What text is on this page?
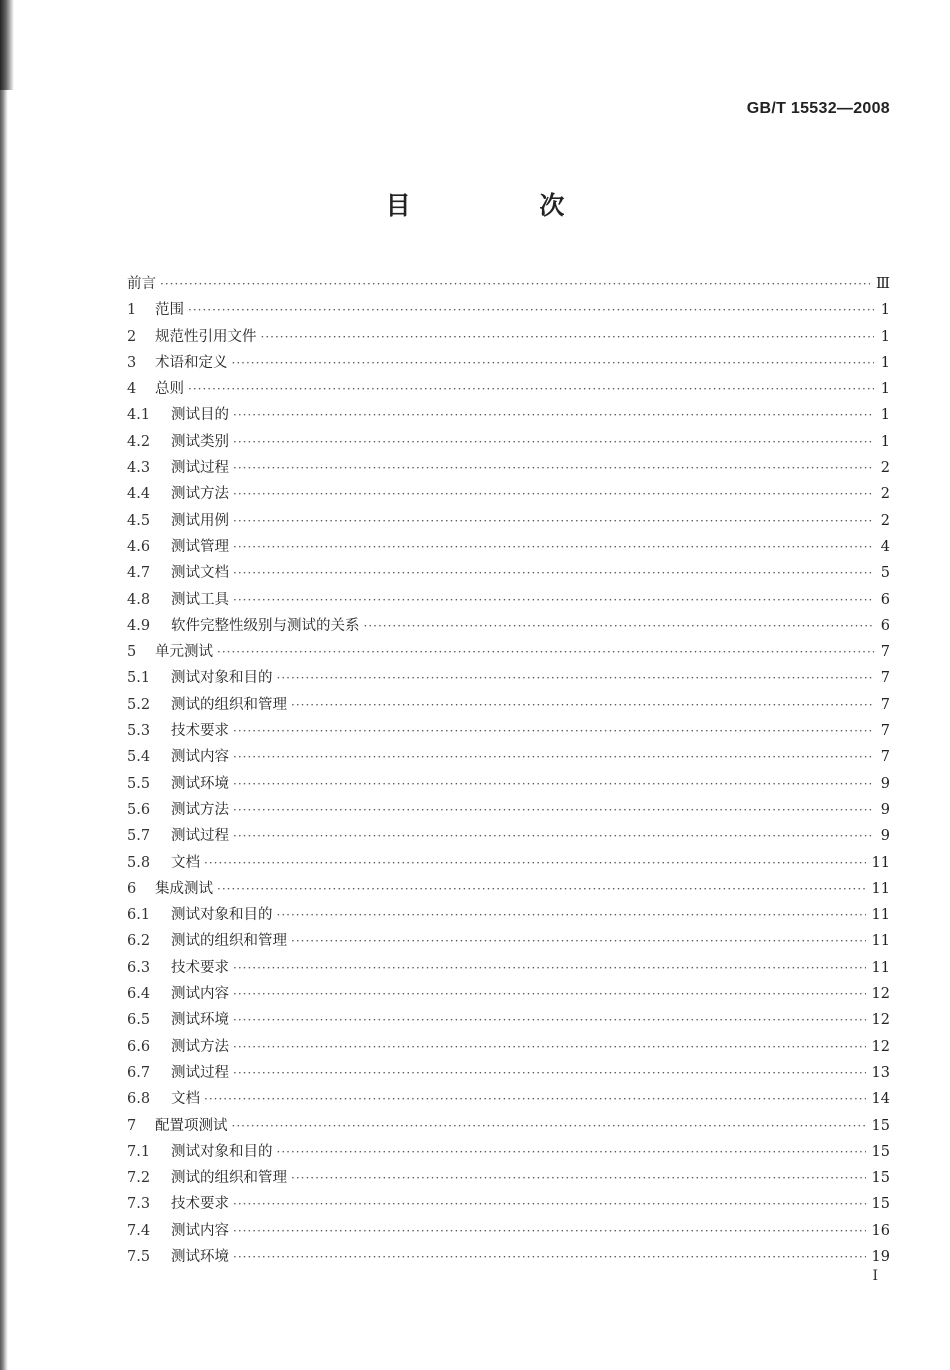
GB/T 15532—2008
目 次
前言 ·····	Ⅲ
1	范围 ·····	1
2	规范性引用文件 ·····	1
3	术语和定义 ·····	1
4	总则 ·····	1
4.1	测试目的 ·····	1
4.2	测试类别 ·····	1
4.3	测试过程 ·····	2
4.4	测试方法 ·····	2
4.5	测试用例 ·····	2
4.6	测试管理 ·····	4
4.7	测试文档 ·····	5
4.8	测试工具 ·····	6
4.9	软件完整性级别与测试的关系 ·····	6
5	单元测试 ·····	7
5.1	测试对象和目的 ·····	7
5.2	测试的组织和管理 ·····	7
5.3	技术要求 ·····	7
5.4	测试内容 ·····	7
5.5	测试环境 ·····	9
5.6	测试方法 ·····	9
5.7	测试过程 ·····	9
5.8	文档 ·····	11
6	集成测试 ·····	11
6.1	测试对象和目的 ·····	11
6.2	测试的组织和管理 ·····	11
6.3	技术要求 ·····	11
6.4	测试内容 ·····	12
6.5	测试环境 ·····	12
6.6	测试方法 ·····	12
6.7	测试过程 ·····	13
6.8	文档 ·····	14
7	配置项测试 ·····	15
7.1	测试对象和目的 ·····	15
7.2	测试的组织和管理 ·····	15
7.3	技术要求 ·····	15
7.4	测试内容 ·····	16
7.5	测试环境 ·····	19
I
